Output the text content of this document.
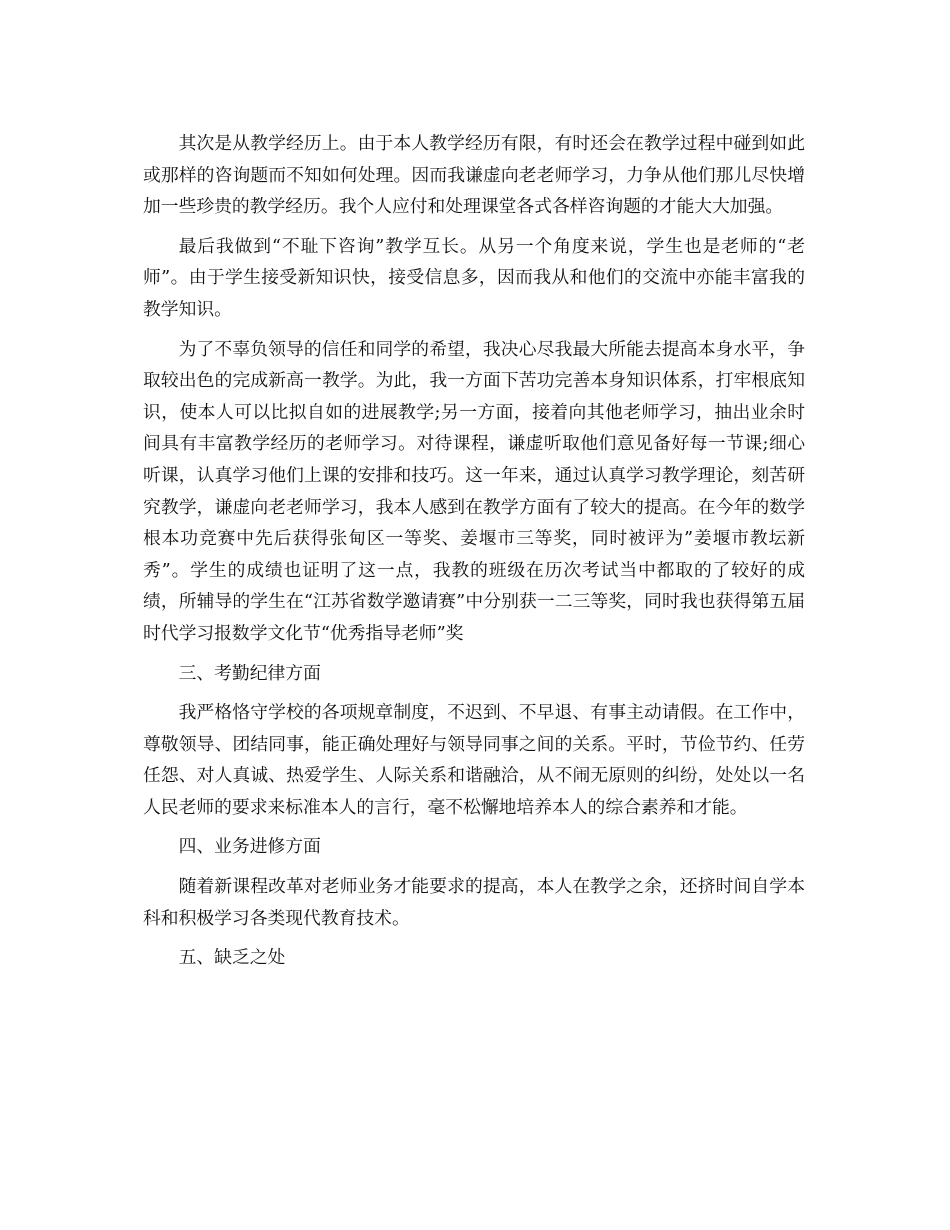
其次是从教学经历上。由于本人教学经历有限，有时还会在教学过程中碰到如此或那样的咨询题而不知如何处理。因而我谦虚向老老师学习，力争从他们那儿尽快增加一些珍贵的教学经历。我个人应付和处理课堂各式各样咨询题的才能大大加强。

最后我做到“不耻下咨询”教学互长。从另一个角度来说，学生也是老师的“老师”。由于学生接受新知识快，接受信息多，因而我从和他们的交流中亦能丰富我的教学知识。

为了不辜负领导的信任和同学的希望，我决心尽我最大所能去提高本身水平，争取较出色的完成新高一教学。为此，我一方面下苦功完善本身知识体系，打牢根底知识，使本人可以比拟自如的进展教学;另一方面，接着向其他老师学习，抽出业余时间具有丰富教学经历的老师学习。对待课程，谦虚听取他们意见备好每一节课;细心听课，认真学习他们上课的安排和技巧。这一年来，通过认真学习教学理论，刻苦研究教学，谦虚向老老师学习，我本人感到在教学方面有了较大的提高。在今年的数学根本功竞赛中先后获得张甸区一等奖、姜堰市三等奖，同时被评为”姜堰市教坛新秀”。学生的成绩也证明了这一点，我教的班级在历次考试当中都取的了较好的成绩，所辅导的学生在“江苏省数学邀请赛”中分别获一二三等奖，同时我也获得第五届时代学习报数学文化节“优秀指导老师”奖

三、考勤纪律方面

我严格恪守学校的各项规章制度，不迟到、不早退、有事主动请假。在工作中，尊敬领导、团结同事，能正确处理好与领导同事之间的关系。平时，节俭节约、任劳任怨、对人真诚、热爱学生、人际关系和谐融洽，从不闹无原则的纠纷，处处以一名人民老师的要求来标准本人的言行，毫不松懈地培养本人的综合素养和才能。

四、业务进修方面

随着新课程改革对老师业务才能要求的提高，本人在教学之余，还挤时间自学本科和积极学习各类现代教育技术。

五、缺乏之处
